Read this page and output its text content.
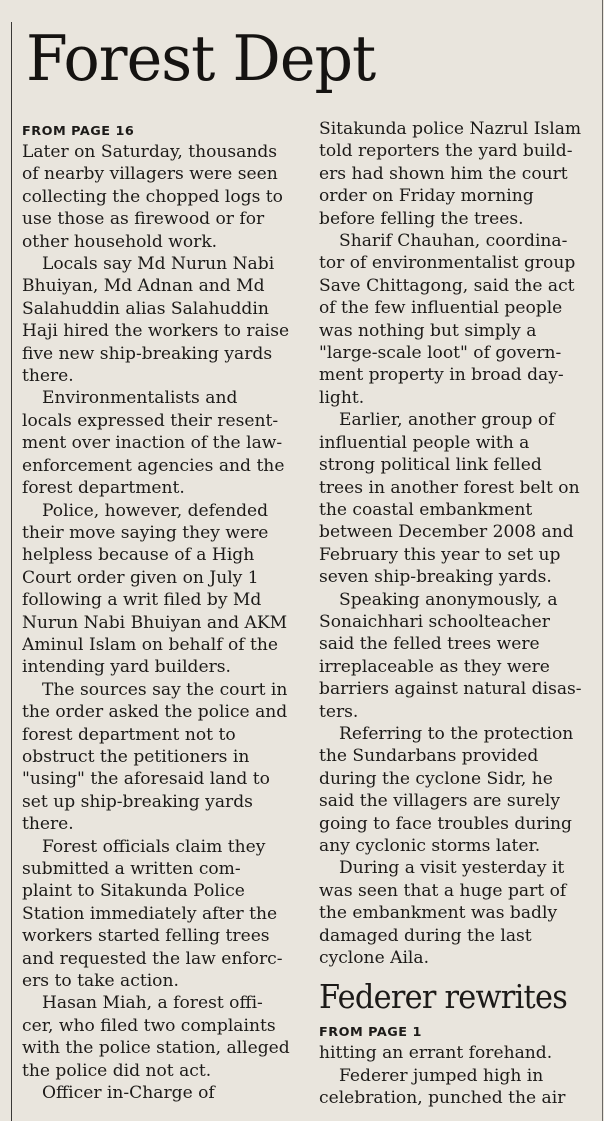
Forest Dept
FROM PAGE 16
Later on Saturday, thousands
of nearby villagers were seen
collecting the chopped logs to
use those as firewood or for
other household work.
Locals say Md Nurun Nabi
Bhuiyan, Md Adnan and Md
Salahuddin alias Salahuddin
Haji hired the workers to raise
five new ship-breaking yards
there.
Environmentalists and
locals expressed their resent-
ment over inaction of the law-
enforcement agencies and the
forest department.
Police, however, defended
their move saying they were
helpless because of a High
Court order given on July 1
following a writ filed by Md
Nurun Nabi Bhuiyan and AKM
Aminul Islam on behalf of the
intending yard builders.
The sources say the court in
the order asked the police and
forest department not to
obstruct the petitioners in
"using" the aforesaid land to
set up ship-breaking yards
there.
Forest officials claim they
submitted a written com-
plaint to Sitakunda Police
Station immediately after the
workers started felling trees
and requested the law enforc-
ers to take action.
Hasan Miah, a forest offi-
cer, who filed two complaints
with the police station, alleged
the police did not act.
Officer in-Charge of
Sitakunda police Nazrul Islam
told reporters the yard build-
ers had shown him the court
order on Friday morning
before felling the trees.
Sharif Chauhan, coordina-
tor of environmentalist group
Save Chittagong, said the act
of the few influential people
was nothing but simply a
"large-scale loot" of govern-
ment property in broad day-
light.
Earlier, another group of
influential people with a
strong political link felled
trees in another forest belt on
the coastal embankment
between December 2008 and
February this year to set up
seven ship-breaking yards.
Speaking anonymously, a
Sonaichhari schoolteacher
said the felled trees were
irreplaceable as they were
barriers against natural disas-
ters.
Referring to the protection
the Sundarbans provided
during the cyclone Sidr, he
said the villagers are surely
going to face troubles during
any cyclonic storms later.
During a visit yesterday it
was seen that a huge part of
the embankment was badly
damaged during the last
cyclone Aila.
Federer rewrites
FROM PAGE 1
hitting an errant forehand.
Federer jumped high in
celebration, punched the air
